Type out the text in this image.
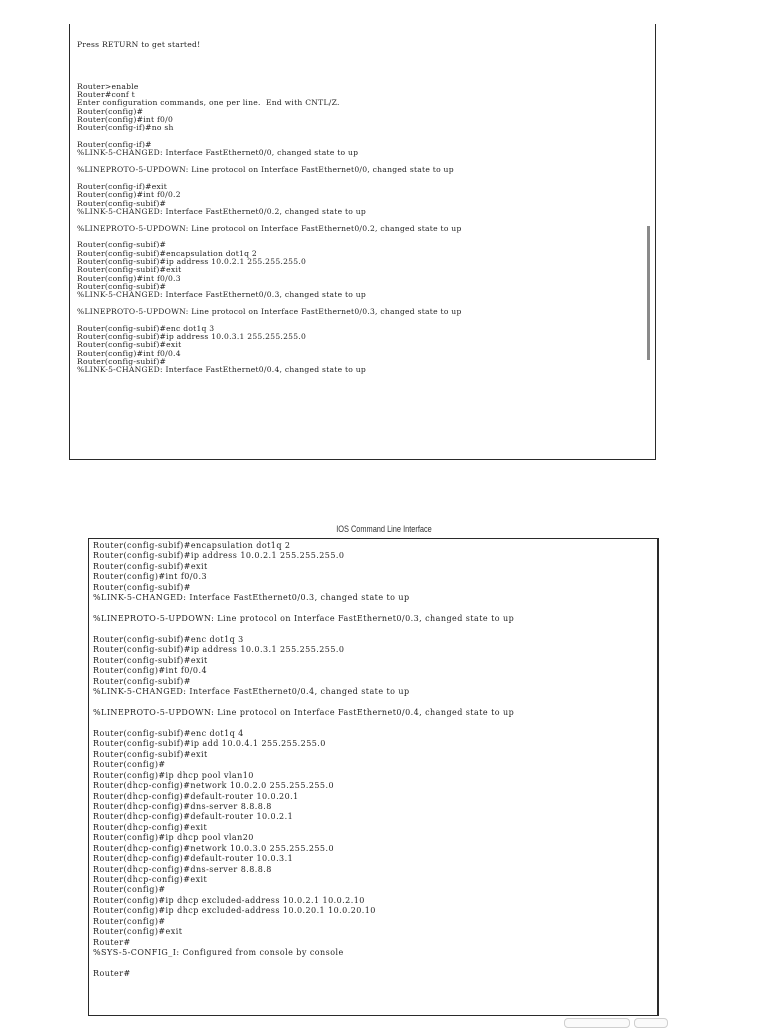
Press RETURN to get started!
Router>enable
Router#conf t
Enter configuration commands, one per line.  End with CNTL/Z.
Router(config)#
Router(config)#int f0/0
Router(config-if)#no sh
Router(config-if)#
%LINK-5-CHANGED: Interface FastEthernet0/0, changed state to up
%LINEPROTO-5-UPDOWN: Line protocol on Interface FastEthernet0/0, changed state to up
Router(config-if)#exit
Router(config)#int f0/0.2
Router(config-subif)#
%LINK-5-CHANGED: Interface FastEthernet0/0.2, changed state to up
%LINEPROTO-5-UPDOWN: Line protocol on Interface FastEthernet0/0.2, changed state to up
Router(config-subif)#
Router(config-subif)#encapsulation dot1q 2
Router(config-subif)#ip address 10.0.2.1 255.255.255.0
Router(config-subif)#exit
Router(config)#int f0/0.3
Router(config-subif)#
%LINK-5-CHANGED: Interface FastEthernet0/0.3, changed state to up
%LINEPROTO-5-UPDOWN: Line protocol on Interface FastEthernet0/0.3, changed state to up
Router(config-subif)#enc dot1q 3
Router(config-subif)#ip address 10.0.3.1 255.255.255.0
Router(config-subif)#exit
Router(config)#int f0/0.4
Router(config-subif)#
%LINK-5-CHANGED: Interface FastEthernet0/0.4, changed state to up
IOS Command Line Interface
Router(config-subif)#encapsulation dot1q 2
Router(config-subif)#ip address 10.0.2.1 255.255.255.0
Router(config-subif)#exit
Router(config)#int f0/0.3
Router(config-subif)#
%LINK-5-CHANGED: Interface FastEthernet0/0.3, changed state to up
%LINEPROTO-5-UPDOWN: Line protocol on Interface FastEthernet0/0.3, changed state to up
Router(config-subif)#enc dot1q 3
Router(config-subif)#ip address 10.0.3.1 255.255.255.0
Router(config-subif)#exit
Router(config)#int f0/0.4
Router(config-subif)#
%LINK-5-CHANGED: Interface FastEthernet0/0.4, changed state to up
%LINEPROTO-5-UPDOWN: Line protocol on Interface FastEthernet0/0.4, changed state to up
Router(config-subif)#enc dot1q 4
Router(config-subif)#ip add 10.0.4.1 255.255.255.0
Router(config-subif)#exit
Router(config)#
Router(config)#ip dhcp pool vlan10
Router(dhcp-config)#network 10.0.2.0 255.255.255.0
Router(dhcp-config)#default-router 10.0.20.1
Router(dhcp-config)#dns-server 8.8.8.8
Router(dhcp-config)#default-router 10.0.2.1
Router(dhcp-config)#exit
Router(config)#ip dhcp pool vlan20
Router(dhcp-config)#network 10.0.3.0 255.255.255.0
Router(dhcp-config)#default-router 10.0.3.1
Router(dhcp-config)#dns-server 8.8.8.8
Router(dhcp-config)#exit
Router(config)#
Router(config)#ip dhcp excluded-address 10.0.2.1 10.0.2.10
Router(config)#ip dhcp excluded-address 10.0.20.1 10.0.20.10
Router(config)#
Router(config)#exit
Router#
%SYS-5-CONFIG_I: Configured from console by console
Router#
